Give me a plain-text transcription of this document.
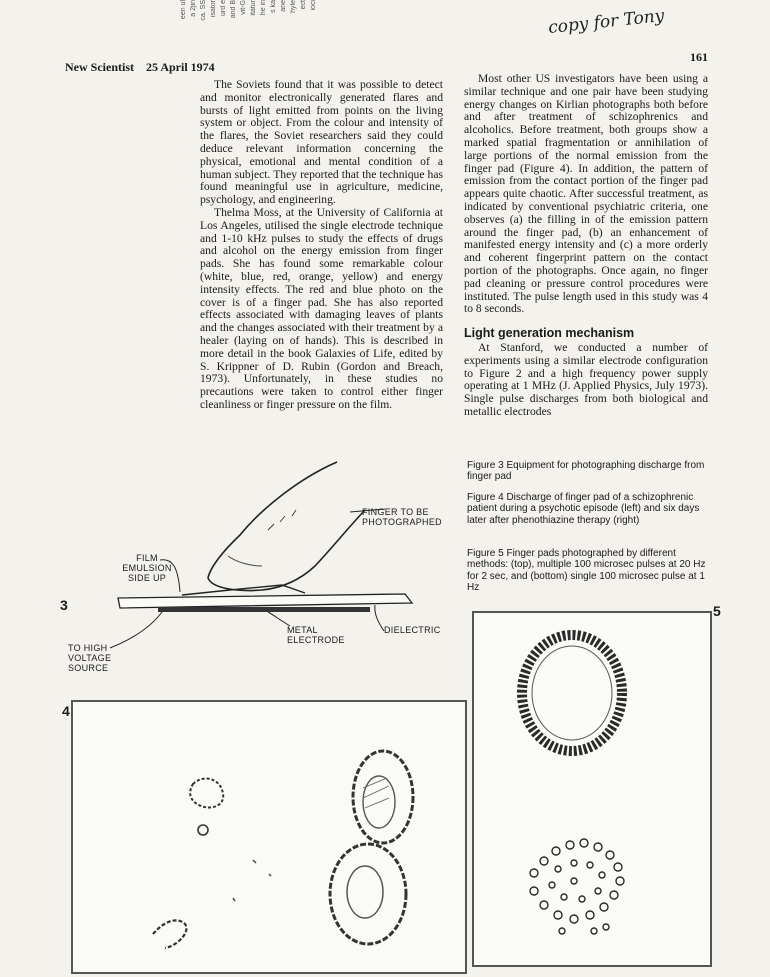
een ul a 2jin ca. SS isator urd e and B vit-G itatur he in s ka ane hyle ect ioci
copy for Tony
New Scientist 25 April 1974
161

The Soviets found that it was possible to detect and monitor electronically generated flares and bursts of light emitted from points on the living system or object. From the colour and intensity of the flares, the Soviet researchers said they could deduce relevant information concerning the physical, emotional and mental condition of a human subject. They reported that the technique has found meaningful use in agriculture, medicine, psychology, and engineering.

Thelma Moss, at the University of California at Los Angeles, utilised the single electrode technique and 1-10 kHz pulses to study the effects of drugs and alcohol on the energy emission from finger pads. She has found some remarkable colour (white, blue, red, orange, yellow) and energy intensity effects. The red and blue photo on the cover is of a finger pad. She has also reported effects associated with damaging leaves of plants and the changes associated with their treatment by a healer (laying on of hands). This is described in more detail in the book Galaxies of Life, edited by S. Krippner of D. Rubin (Gordon and Breach, 1973). Unfortunately, in these studies no precautions were taken to control either finger cleanliness or finger pressure on the film.

Most other US investigators have been using a similar technique and one pair have been studying energy changes on Kirlian photographs both before and after treatment of schizophrenics and alcoholics. Before treatment, both groups show a marked spatial fragmentation or annihilation of large portions of the normal emission from the finger pad (Figure 4). In addition, the pattern of emission from the contact portion of the finger pad appears quite chaotic. After successful treatment, as indicated by conventional psychiatric criteria, one observes (a) the filling in of the emission pattern around the finger pad, (b) an enhancement of manifested energy intensity and (c) a more orderly and coherent fingerprint pattern on the contact portion of the photographs. Once again, no finger pad cleaning or pressure control procedures were instituted. The pulse length used in this study was 4 to 8 seconds.

Light generation mechanism

At Stanford, we conducted a number of experiments using a similar electrode configuration to Figure 2 and a high frequency power supply operating at 1 MHz (J. Applied Physics, July 1973). Single pulse discharges from both biological and metallic electrodes

Figure 3 Equipment for photographing discharge from finger pad
Figure 4 Discharge of finger pad of a schizophrenic patient during a psychotic episode (left) and six days later after phenothiazine therapy (right)
Figure 5 Finger pads photographed by different methods: (top), multiple 100 microsec pulses at 20 Hz for 2 sec, and (bottom) single 100 microsec pulse at 1 Hz
3
FINGER TO BE PHOTOGRAPHED
FILM EMULSION SIDE UP
METAL ELECTRODE
DIELECTRIC
TO HIGH VOLTAGE SOURCE
4
5
